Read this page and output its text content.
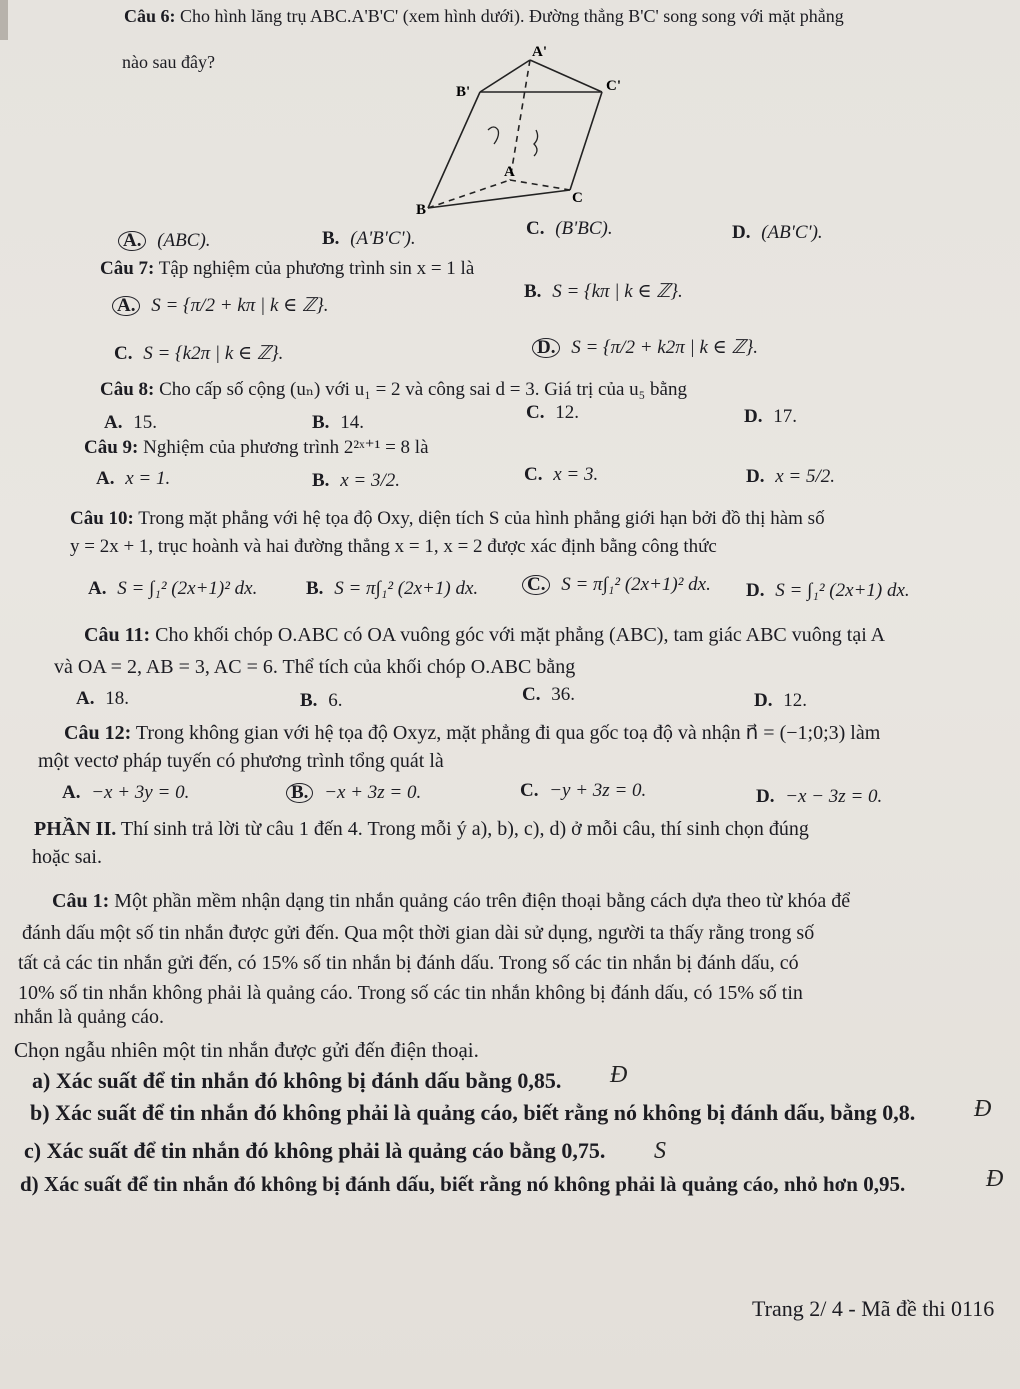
Câu 6: Cho hình lăng trụ ABC.A'B'C' (xem hình dưới). Đường thẳng B'C' song song với mặt phẳng
nào sau đây?	A'
B'	C'
A
B
C
A. (ABC).	B. (A'B'C').	C. (B'BC).	D. (AB'C').
Câu 7: Tập nghiệm của phương trình sin x = 1 là
A. S = {π/2 + kπ | k ∈ ℤ}.
B. S = {kπ | k ∈ ℤ}.
C. S = {k2π | k ∈ ℤ}.	D. S = {π/2 + k2π | k ∈ ℤ}.
Câu 8: Cho cấp số cộng (uₙ) với u₁ = 2 và công sai d = 3. Giá trị của u₅ bằng
A. 15.	B. 14.	C. 12.	D. 17.
Câu 9: Nghiệm của phương trình 2²ˣ⁺¹ = 8 là
A. x = 1.	B. x = 3/2.	C. x = 3.	D. x = 5/2.
Câu 10: Trong mặt phẳng với hệ tọa độ Oxy, diện tích S của hình phẳng giới hạn bởi đồ thị hàm số
y = 2x + 1, trục hoành và hai đường thẳng x = 1, x = 2 được xác định bằng công thức
A. S = ∫₁² (2x+1)² dx.	B. S = π∫₁² (2x+1) dx.	C. S = π∫₁² (2x+1)² dx. D. S = ∫₁² (2x+1) dx.
Câu 11: Cho khối chóp O.ABC có OA vuông góc với mặt phẳng (ABC), tam giác ABC vuông tại A
và OA = 2, AB = 3, AC = 6. Thể tích của khối chóp O.ABC bằng
A. 18.	B. 6.	C. 36.	D. 12.
Câu 12: Trong không gian với hệ tọa độ Oxyz, mặt phẳng đi qua gốc toạ độ và nhận n⃗ = (−1;0;3) làm
một vectơ pháp tuyến có phương trình tổng quát là
A. −x + 3y = 0.	B. −x + 3z = 0.	C. −y + 3z = 0.	D. −x − 3z = 0.
PHẦN II. Thí sinh trả lời từ câu 1 đến 4. Trong mỗi ý a), b), c), d) ở mỗi câu, thí sinh chọn đúng
hoặc sai.
Câu 1: Một phần mềm nhận dạng tin nhắn quảng cáo trên điện thoại bằng cách dựa theo từ khóa để
đánh dấu một số tin nhắn được gửi đến. Qua một thời gian dài sử dụng, người ta thấy rằng trong số
tất cả các tin nhắn gửi đến, có 15% số tin nhắn bị đánh dấu. Trong số các tin nhắn bị đánh dấu, có
10% số tin nhắn không phải là quảng cáo. Trong số các tin nhắn không bị đánh dấu, có 15% số tin
nhắn là quảng cáo.
Chọn ngẫu nhiên một tin nhắn được gửi đến điện thoại.
a) Xác suất để tin nhắn đó không bị đánh dấu bằng 0,85. Đ
b) Xác suất để tin nhắn đó không phải là quảng cáo, biết rằng nó không bị đánh dấu, bằng 0,8. Đ
c) Xác suất để tin nhắn đó không phải là quảng cáo bằng 0,75. S
d) Xác suất để tin nhắn đó không bị đánh dấu, biết rằng nó không phải là quảng cáo, nhỏ hơn 0,95.	Đ
Trang 2/ 4 - Mã đề thi 0116
